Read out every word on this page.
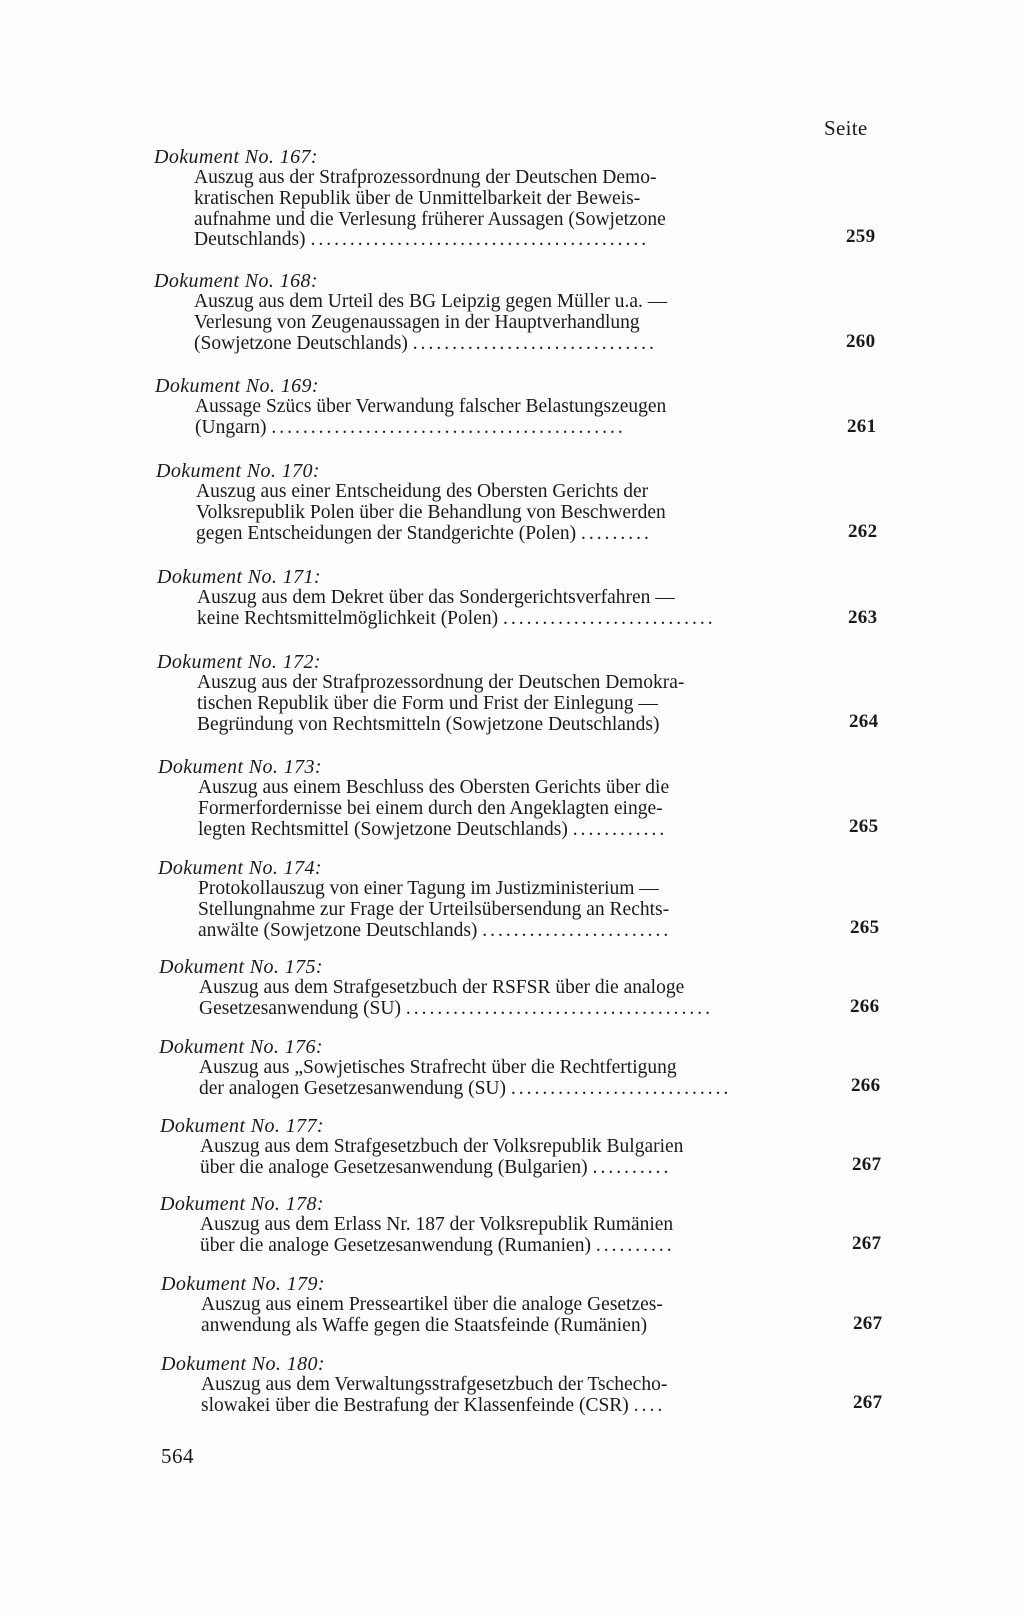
Seite
Dokument No. 167:
Auszug aus der Strafprozessordnung der Deutschen Demo-
kratischen Republik über de Unmittelbarkeit der Beweis-
aufnahme und die Verlesung früherer Aussagen (Sowjetzone
Deutschlands) ...........................................	259
Dokument No. 168:
Auszug aus dem Urteil des BG Leipzig gegen Müller u.a. —
Verlesung von Zeugenaussagen in der Hauptverhandlung
(Sowjetzone Deutschlands) ...............................	260
Dokument No. 169:
Aussage Szücs über Verwandung falscher Belastungszeugen
(Ungarn) .............................................	261
Dokument No. 170:
Auszug aus einer Entscheidung des Obersten Gerichts der
Volksrepublik Polen über die Behandlung von Beschwerden
gegen Entscheidungen der Standgerichte (Polen) .........	262
Dokument No. 171:
Auszug aus dem Dekret über das Sondergerichtsverfahren —
keine Rechtsmittelmöglichkeit (Polen) ...........................	263
Dokument No. 172:
Auszug aus der Strafprozessordnung der Deutschen Demokra-
tischen Republik über die Form und Frist der Einlegung —
Begründung von Rechtsmitteln (Sowjetzone Deutschlands)	264
Dokument No. 173:
Auszug aus einem Beschluss des Obersten Gerichts über die
Formerfordernisse bei einem durch den Angeklagten einge-
legten Rechtsmittel (Sowjetzone Deutschlands) ............	265
Dokument No. 174:
Protokollauszug von einer Tagung im Justizministerium —
Stellungnahme zur Frage der Urteilsübersendung an Rechts-
anwälte (Sowjetzone Deutschlands) ........................	265
Dokument No. 175:
Auszug aus dem Strafgesetzbuch der RSFSR über die analoge
Gesetzesanwendung (SU) .......................................	266
Dokument No. 176:
Auszug aus „Sowjetisches Strafrecht über die Rechtfertigung
der analogen Gesetzesanwendung (SU) ............................	266
Dokument No. 177:
Auszug aus dem Strafgesetzbuch der Volksrepublik Bulgarien
über die analoge Gesetzesanwendung (Bulgarien) ..........	267
Dokument No. 178:
Auszug aus dem Erlass Nr. 187 der Volksrepublik Rumänien
über die analoge Gesetzesanwendung (Rumanien) ..........	267
Dokument No. 179:
Auszug aus einem Presseartikel über die analoge Gesetzes-
anwendung als Waffe gegen die Staatsfeinde (Rumänien)	267
Dokument No. 180:
Auszug aus dem Verwaltungsstrafgesetzbuch der Tschecho-
slowakei über die Bestrafung der Klassenfeinde (CSR) ....	267
564
